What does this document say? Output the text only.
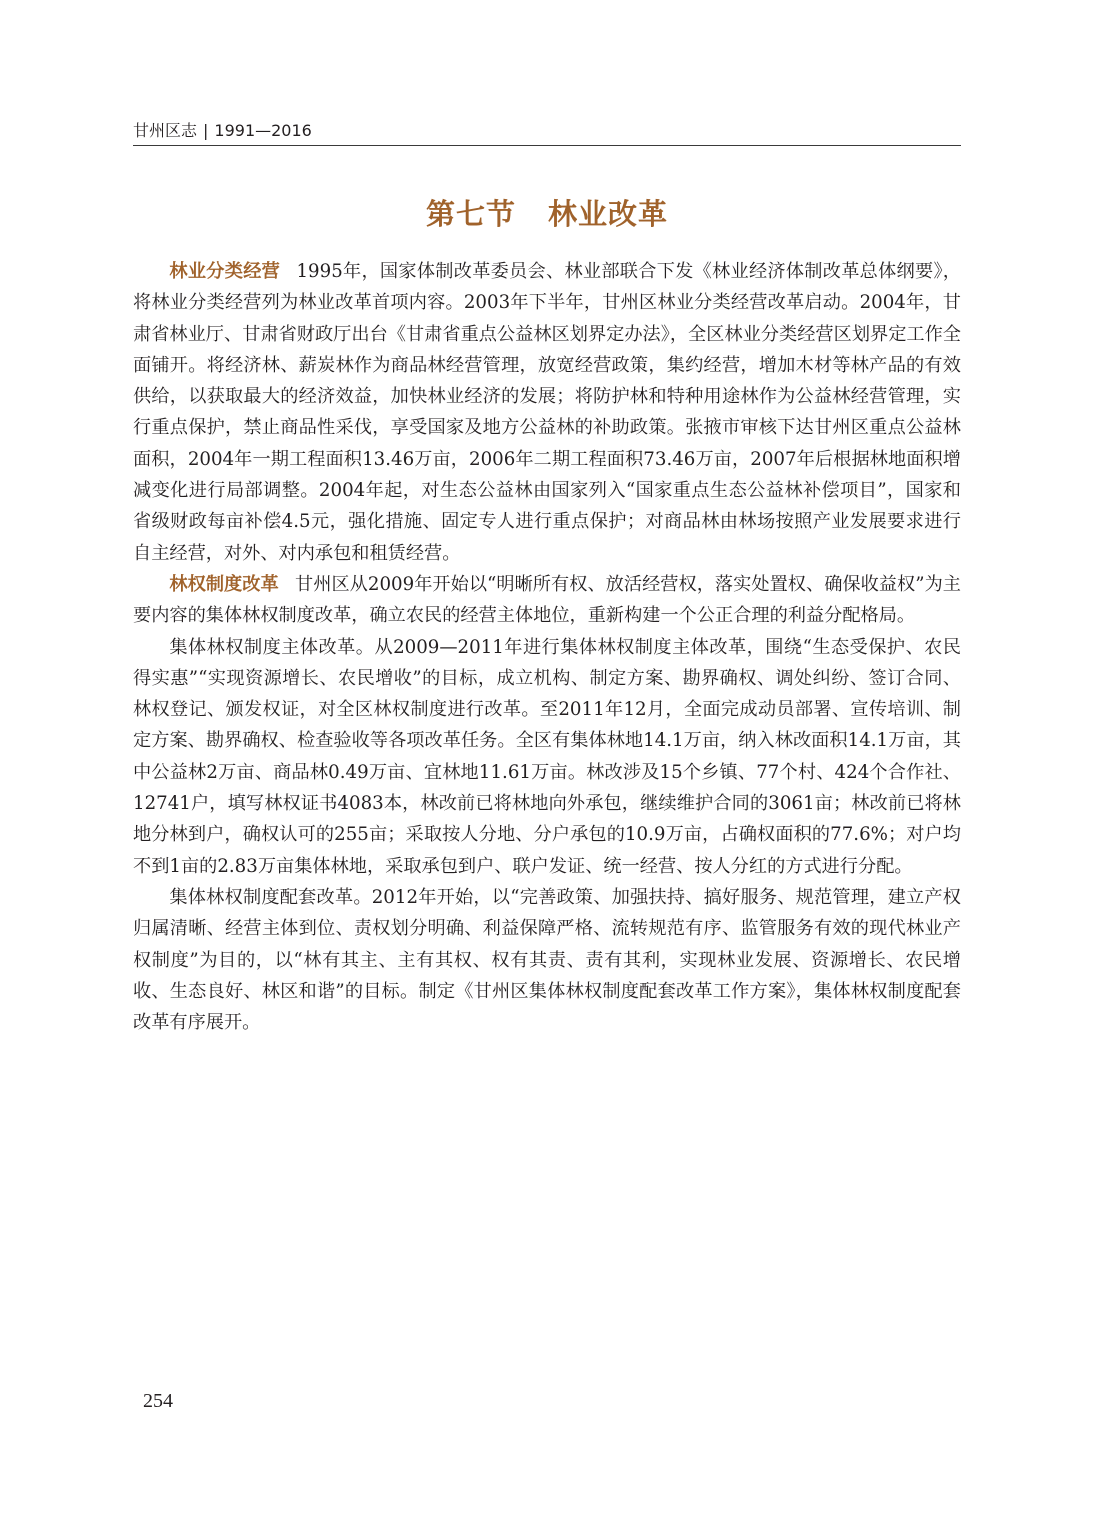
甘州区志 | 1991—2016
第七节 林业改革

林业分类经营 1995年，国家体制改革委员会、林业部联合下发《林业经济体制改革总体纲要》，将林业分类经营列为林业改革首项内容。2003年下半年，甘州区林业分类经营改革启动。2004年，甘肃省林业厅、甘肃省财政厅出台《甘肃省重点公益林区划界定办法》，全区林业分类经营区划界定工作全面铺开。将经济林、薪炭林作为商品林经营管理，放宽经营政策，集约经营，增加木材等林产品的有效供给，以获取最大的经济效益，加快林业经济的发展；将防护林和特种用途林作为公益林经营管理，实行重点保护，禁止商品性采伐，享受国家及地方公益林的补助政策。张掖市审核下达甘州区重点公益林面积，2004年一期工程面积13.46万亩，2006年二期工程面积73.46万亩，2007年后根据林地面积增减变化进行局部调整。2004年起，对生态公益林由国家列入“国家重点生态公益林补偿项目”，国家和省级财政每亩补偿4.5元，强化措施、固定专人进行重点保护；对商品林由林场按照产业发展要求进行自主经营，对外、对内承包和租赁经营。

林权制度改革 甘州区从2009年开始以“明晰所有权、放活经营权，落实处置权、确保收益权”为主要内容的集体林权制度改革，确立农民的经营主体地位，重新构建一个公正合理的利益分配格局。

集体林权制度主体改革。从2009—2011年进行集体林权制度主体改革，围绕“生态受保护、农民得实惠”“实现资源增长、农民增收”的目标，成立机构、制定方案、勘界确权、调处纠纷、签订合同、林权登记、颁发权证，对全区林权制度进行改革。至2011年12月，全面完成动员部署、宣传培训、制定方案、勘界确权、检查验收等各项改革任务。全区有集体林地14.1万亩，纳入林改面积14.1万亩，其中公益林2万亩、商品林0.49万亩、宜林地11.61万亩。林改涉及15个乡镇、77个村、424个合作社、12741户，填写林权证书4083本，林改前已将林地向外承包，继续维护合同的3061亩；林改前已将林地分林到户，确权认可的255亩；采取按人分地、分户承包的10.9万亩，占确权面积的77.6%；对户均不到1亩的2.83万亩集体林地，采取承包到户、联户发证、统一经营、按人分红的方式进行分配。

集体林权制度配套改革。2012年开始，以“完善政策、加强扶持、搞好服务、规范管理，建立产权归属清晰、经营主体到位、责权划分明确、利益保障严格、流转规范有序、监管服务有效的现代林业产权制度”为目的，以“林有其主、主有其权、权有其责、责有其利，实现林业发展、资源增长、农民增收、生态良好、林区和谐”的目标。制定《甘州区集体林权制度配套改革工作方案》，集体林权制度配套改革有序展开。

254
